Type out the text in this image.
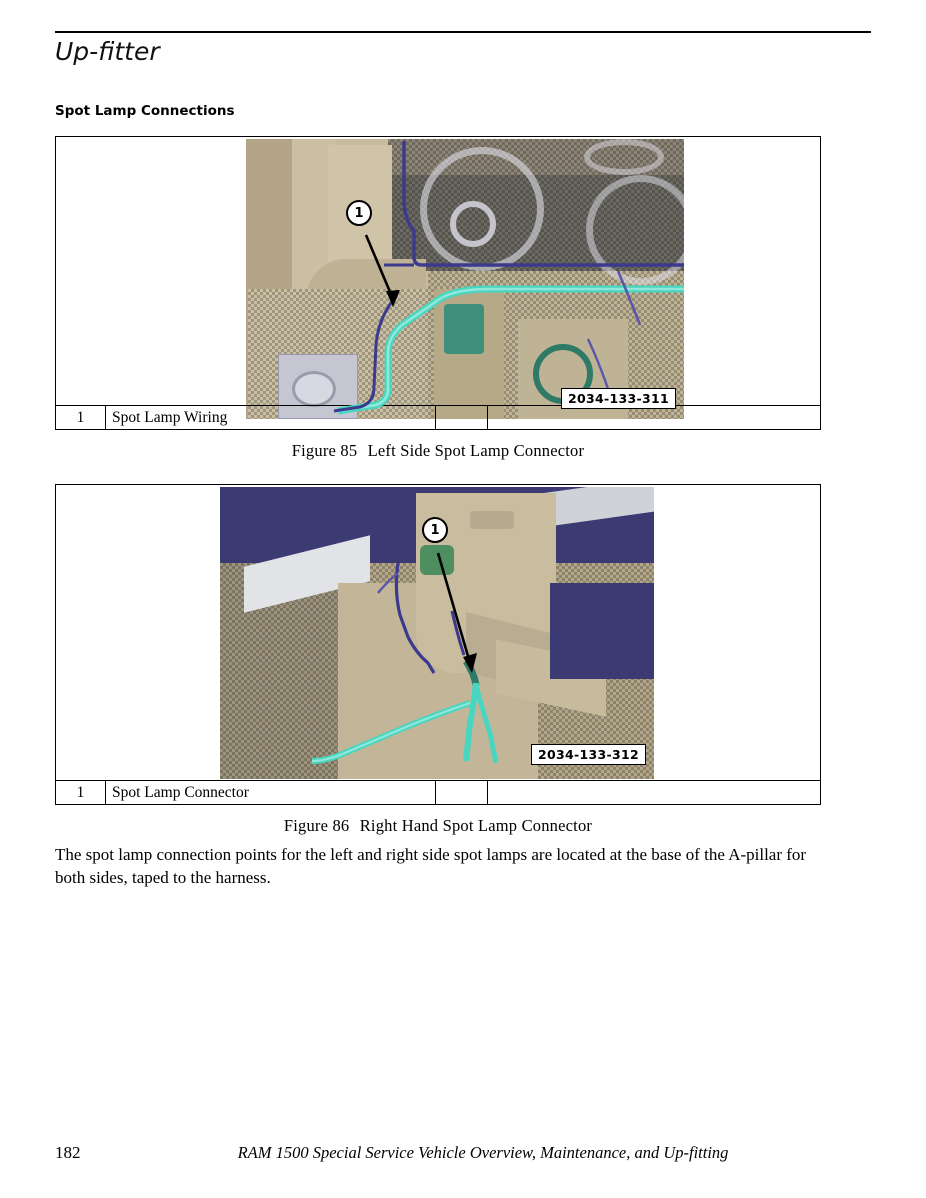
Up-fitter
Spot Lamp Connections
1
2034-133-311
1	Spot Lamp Wiring		
Figure 85 Left Side Spot Lamp Connector
1
2034-133-312
1	Spot Lamp Connector		
Figure 86 Right Hand Spot Lamp Connector
The spot lamp connection points for the left and right side spot lamps are located at the base of the A-pillar for both sides, taped to the harness.
182	RAM 1500 Special Service Vehicle Overview, Maintenance, and Up-fitting
